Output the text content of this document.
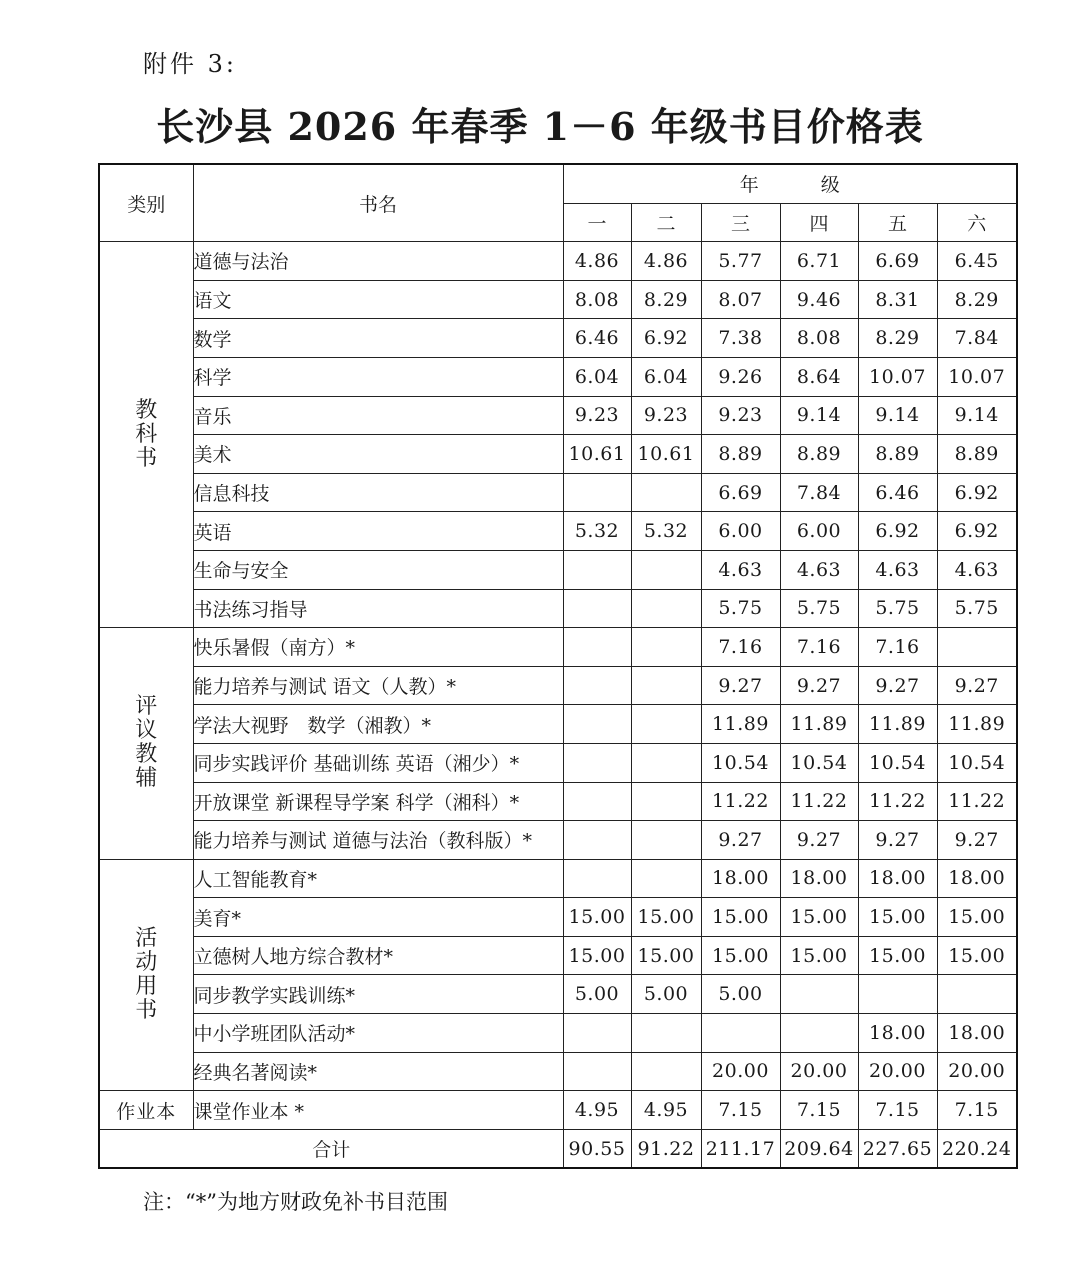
附件 3:
长沙县 2026 年春季 1－6 年级书目价格表
类别	书名	年 级					
		一	二	三	四	五	六
教科书	道德与法治	4.86	4.86	5.77	6.71	6.69	6.45
	语文	8.08	8.29	8.07	9.46	8.31	8.29
	数学	6.46	6.92	7.38	8.08	8.29	7.84
	科学	6.04	6.04	9.26	8.64	10.07	10.07
	音乐	9.23	9.23	9.23	9.14	9.14	9.14
	美术	10.61	10.61	8.89	8.89	8.89	8.89
	信息科技			6.69	7.84	6.46	6.92
	英语	5.32	5.32	6.00	6.00	6.92	6.92
	生命与安全			4.63	4.63	4.63	4.63
	书法练习指导			5.75	5.75	5.75	5.75
评议教辅	快乐暑假（南方）*			7.16	7.16	7.16	
	能力培养与测试 语文（人教）*			9.27	9.27	9.27	9.27
	学法大视野　数学（湘教）*			11.89	11.89	11.89	11.89
	同步实践评价 基础训练 英语（湘少）*			10.54	10.54	10.54	10.54
	开放课堂 新课程导学案 科学（湘科）*			11.22	11.22	11.22	11.22
	能力培养与测试 道德与法治（教科版）*			9.27	9.27	9.27	9.27
活动用书	人工智能教育*			18.00	18.00	18.00	18.00
	美育*	15.00	15.00	15.00	15.00	15.00	15.00
	立德树人地方综合教材*	15.00	15.00	15.00	15.00	15.00	15.00
	同步教学实践训练*	5.00	5.00	5.00			
	中小学班团队活动*					18.00	18.00
	经典名著阅读*			20.00	20.00	20.00	20.00
作业本	课堂作业本 *	4.95	4.95	7.15	7.15	7.15	7.15
合计		90.55	91.22	211.17	209.64	227.65	220.24
注：“*”为地方财政免补书目范围
